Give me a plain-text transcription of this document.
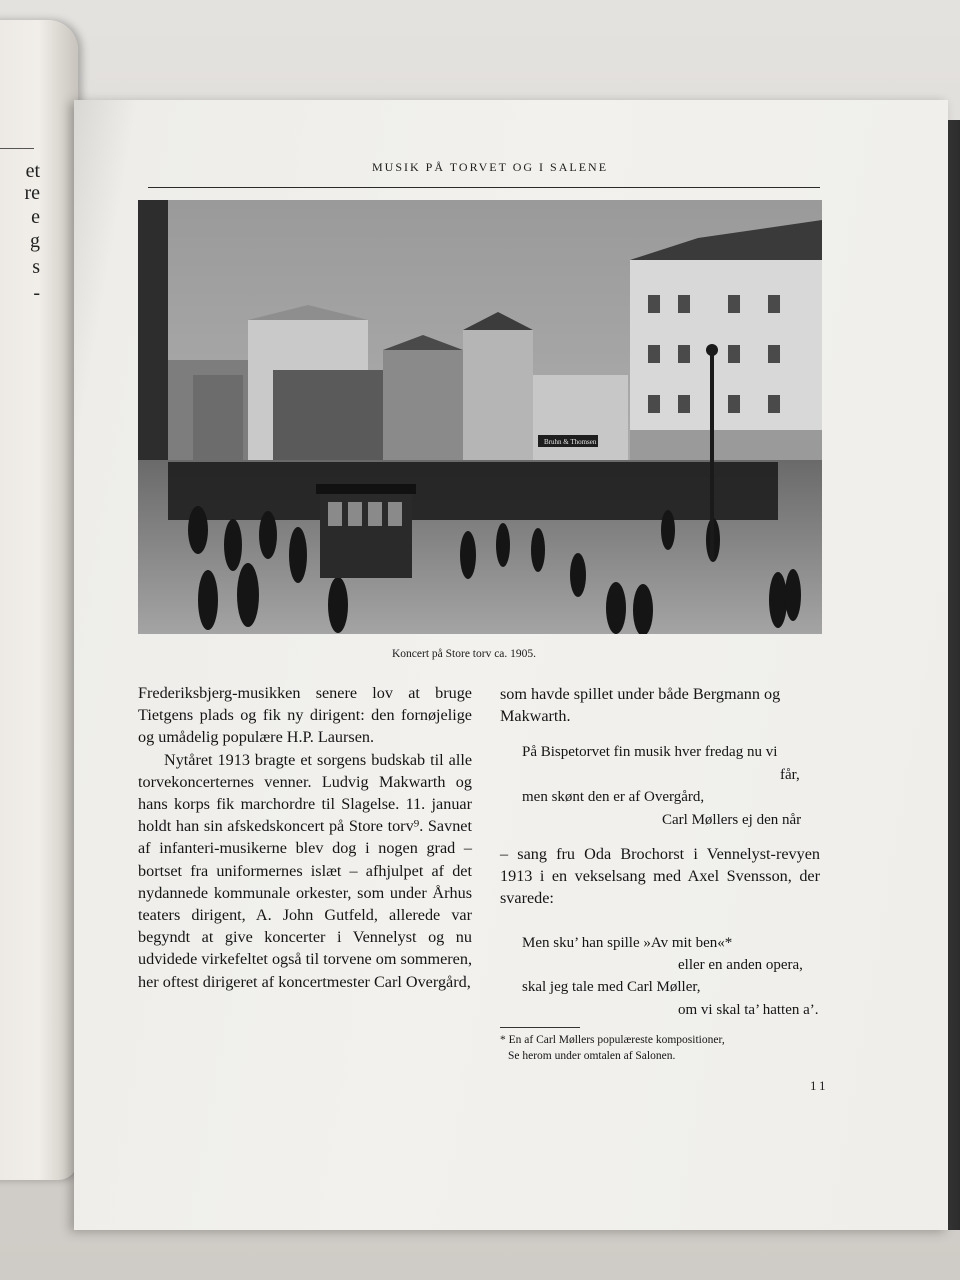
et
re
e
g
s
-
MUSIK PÅ TORVET OG I SALENE
Bruhn & Thomsen
Koncert på Store torv ca. 1905.

Frederiksbjerg-musikken senere lov at bruge Tietgens plads og fik ny dirigent: den fornøjelige og umådelig populære H.P. Laursen.

Nytåret 1913 bragte et sorgens budskab til alle torvekoncerternes venner. Ludvig Makwarth og hans korps fik marchordre til Slagelse. 11. januar holdt han sin afskedskoncert på Store torv⁹. Savnet af infanteri-musikerne blev dog i nogen grad – bortset fra uniformernes islæt – afhjulpet af det nydannede kommunale orkester, som under Århus teaters dirigent, A. John Gutfeld, allerede var begyndt at give koncerter i Vennelyst og nu udvidede virkefeltet også til torvene om sommeren, her oftest dirigeret af koncertmester Carl Overgård,

som havde spillet under både Bergmann og Makwarth.

På Bispetorvet fin musik hver fredag nu vi
får,
men skønt den er af Overgård,
Carl Møllers ej den når

– sang fru Oda Brochorst i Vennelyst-revyen 1913 i en vekselsang med Axel Svensson, der svarede:

Men sku’ han spille »Av mit ben«*
eller en anden opera,
skal jeg tale med Carl Møller,
om vi skal ta’ hatten a’.
* En af Carl Møllers populæreste kompositioner,
Se herom under omtalen af Salonen.
11
